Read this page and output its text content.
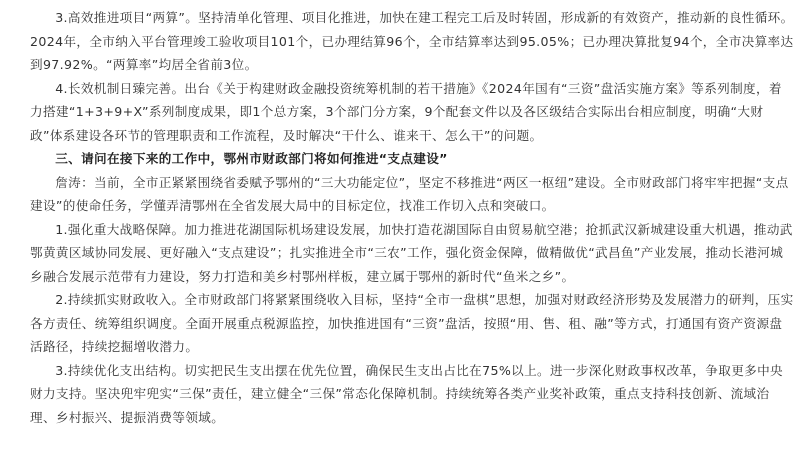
3.高效推进项目“两算”。坚持清单化管理、项目化推进，加快在建工程完工后及时转固，形成新的有效资产，推动新的良性循环。2024年，全市纳入平台管理竣工验收项目101个，已办理结算96个，全市结算率达到95.05%；已办理决算批复94个，全市决算率达到97.92%。“两算率”均居全省前3位。

4.长效机制日臻完善。出台《关于构建财政金融投资统筹机制的若干措施》《2024年国有“三资”盘活实施方案》等系列制度，着力搭建“1+3+9+X”系列制度成果，即1个总方案，3个部门分方案，9个配套文件以及各区级结合实际出台相应制度，明确“大财政”体系建设各环节的管理职责和工作流程，及时解决“干什么、谁来干、怎么干”的问题。

三、请问在接下来的工作中，鄂州市财政部门将如何推进“支点建设”

詹涛：当前，全市正紧紧围绕省委赋予鄂州的“三大功能定位”，坚定不移推进“两区一枢纽”建设。全市财政部门将牢牢把握“支点建设”的使命任务，学懂弄清鄂州在全省发展大局中的目标定位，找准工作切入点和突破口。

1.强化重大战略保障。加力推进花湖国际机场建设发展，加快打造花湖国际自由贸易航空港；抢抓武汉新城建设重大机遇，推动武鄂黄黄区域协同发展、更好融入“支点建设”；扎实推进全市“三农”工作，强化资金保障，做精做优“武昌鱼”产业发展，推动长港河城乡融合发展示范带有力建设，努力打造和美乡村鄂州样板，建立属于鄂州的新时代“鱼米之乡”。

2.持续抓实财政收入。全市财政部门将紧紧围绕收入目标，坚持“全市一盘棋”思想，加强对财政经济形势及发展潜力的研判，压实各方责任、统筹组织调度。全面开展重点税源监控，加快推进国有“三资”盘活，按照“用、售、租、融”等方式，打通国有资产资源盘活路径，持续挖掘增收潜力。

3.持续优化支出结构。切实把民生支出摆在优先位置，确保民生支出占比在75%以上。进一步深化财政事权改革，争取更多中央财力支持。坚决兜牢兜实“三保”责任，建立健全“三保”常态化保障机制。持续统筹各类产业奖补政策，重点支持科技创新、流域治理、乡村振兴、提振消费等领域。
